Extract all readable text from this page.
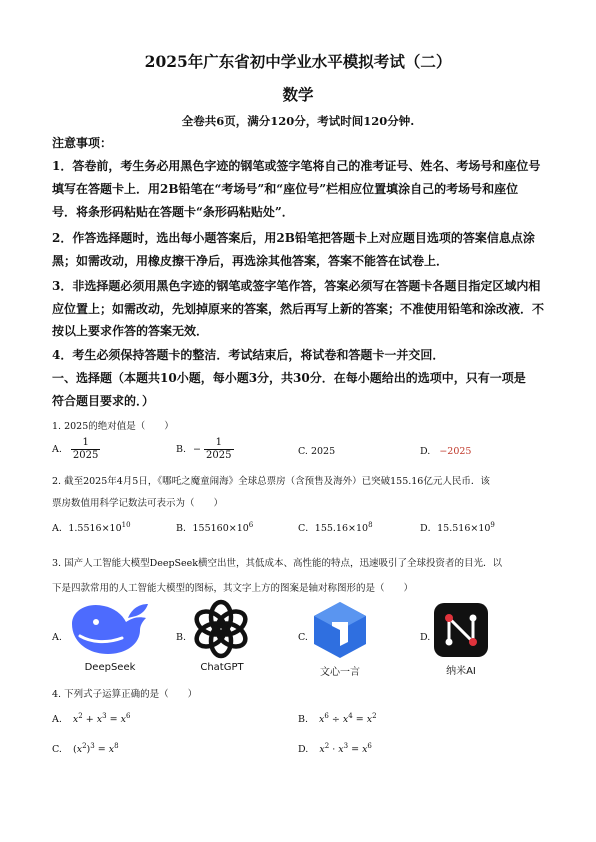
2025年广东省初中学业水平模拟考试（二）
数学
全卷共6页，满分120分，考试时间120分钟.
注意事项：
1．答卷前，考生务必用黑色字迹的钢笔或签字笔将自己的准考证号、姓名、考场号和座位号
填写在答题卡上．用2B铅笔在“考场号”和“座位号”栏相应位置填涂自己的考场号和座位
号．将条形码粘贴在答题卡“条形码粘贴处”．
2．作答选择题时，选出每小题答案后，用2B铅笔把答题卡上对应题目选项的答案信息点涂
黑；如需改动，用橡皮擦干净后，再选涂其他答案，答案不能答在试卷上．
3．非选择题必须用黑色字迹的钢笔或签字笔作答，答案必须写在答题卡各题目指定区域内相
应位置上；如需改动，先划掉原来的答案，然后再写上新的答案；不准使用铅笔和涂改液．不
按以上要求作答的答案无效．
4．考生必须保持答题卡的整洁．考试结束后，将试卷和答题卡一并交回．
一、选择题（本题共10小题，每小题3分，共30分．在每小题给出的选项中，只有一项是
符合题目要求的．）
1. 2025的绝对值是（　　）
A. $\frac{1}{2025}$	B. − $\frac{1}{2025}$	C. 2025	D. −2025
2. 截至2025年4月5日，《哪吒之魔童闹海》全球总票房（含预售及海外）已突破155.16亿元人民币．该
票房数值用科学记数法可表示为（　　）
A．$1.5516\times 10^{10}$	B．$155160\times 10^6$	C．$155.16\times 10^8$	D．$15.516\times 10^9$
3. 国产人工智能大模型DeepSeek横空出世，其低成本、高性能的特点，迅速吸引了全球投资者的目光．以
下是四款常用的人工智能大模型的图标，其文字上方的图案是轴对称图形的是（　　）
A.
DeepSeek
B.
ChatGPT
C.
文心一言
D.
纳米AI
4. 下列式子运算正确的是（　　）
A. $x^2 + x^3 = x^6$	B. $x^6 \div x^4 = x^2$
C. $(x^2)^3 = x^8$	D. $x^2 \cdot x^3 = x^6$
